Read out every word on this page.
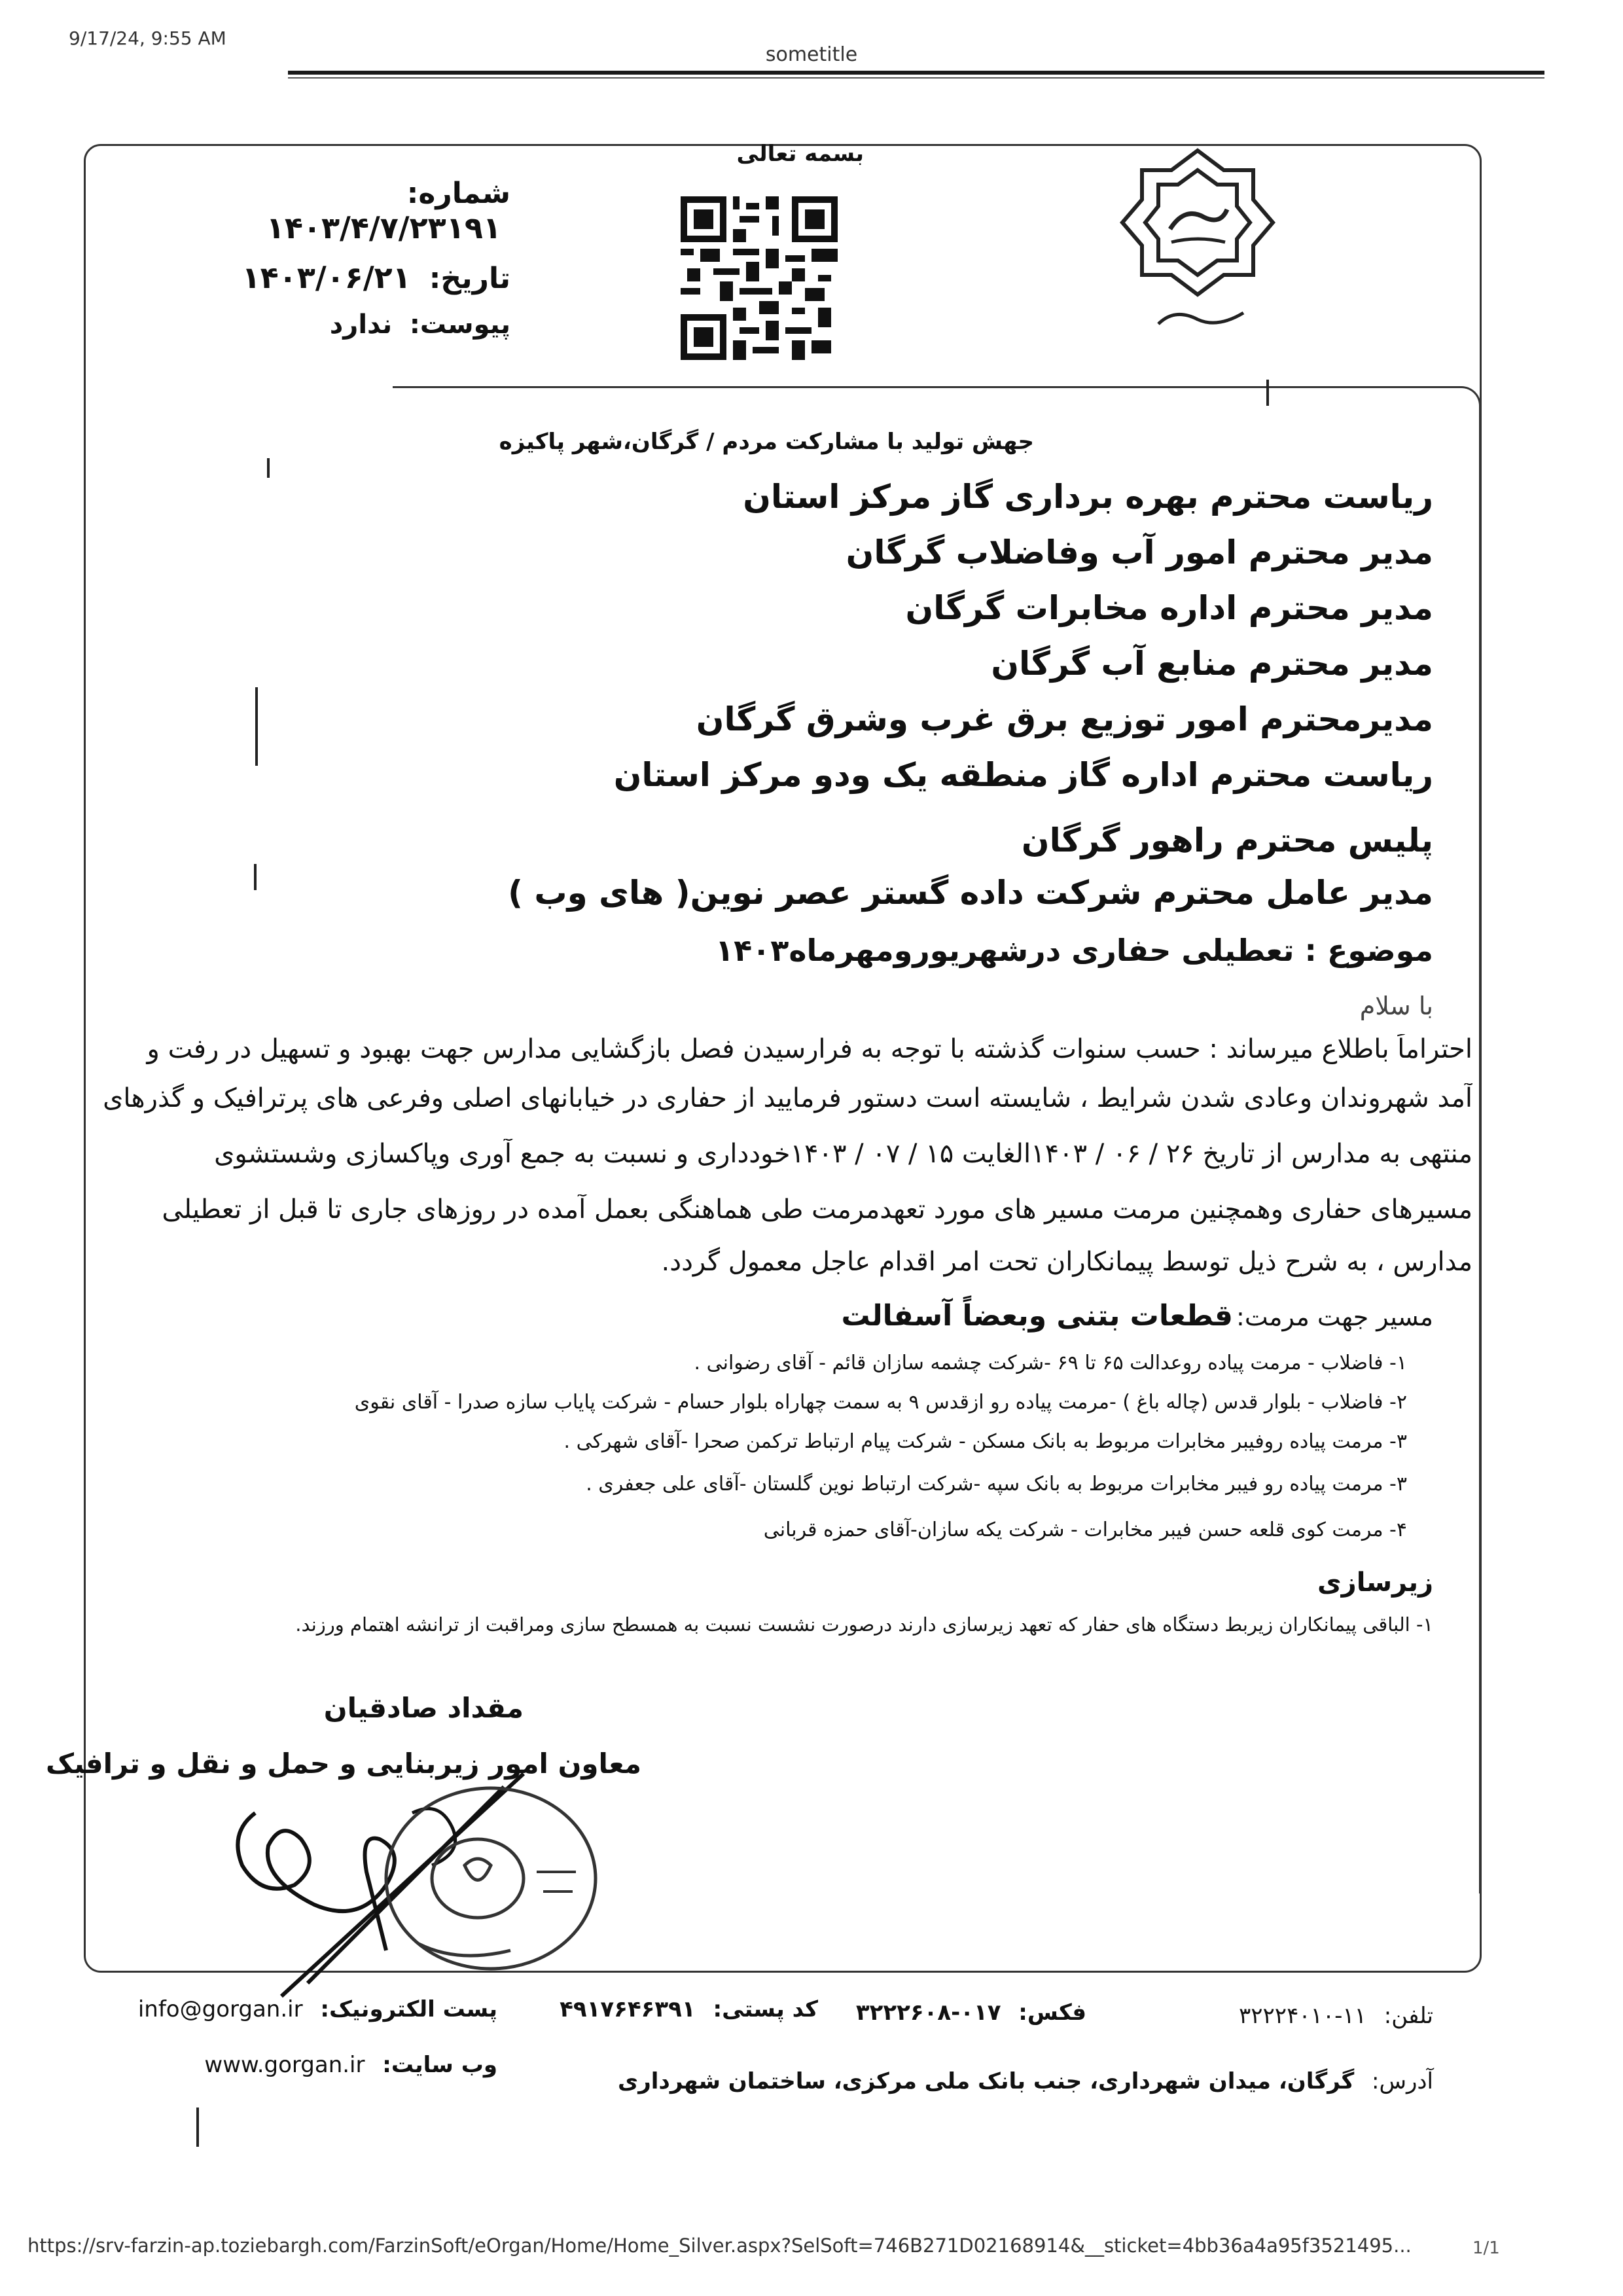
9/17/24, 9:55 AM
sometitle
https://srv-farzin-ap.toziebargh.com/FarzinSoft/eOrgan/Home/Home_Silver.aspx?SelSoft=746B271D02168914&__sticket=4bb36a4a95f3521495...	1/1
بسمه تعالی
شماره: ۱۴۰۳/۴/۷/۲۳۱۹۱
تاریخ: ۱۴۰۳/۰۶/۲۱
پیوست: ندارد
جهش تولید با مشارکت مردم / گرگان،شهر پاکیزه
ریاست محترم بهره برداری گاز مرکز استان
مدیر محترم امور آب وفاضلاب گرگان
مدیر محترم اداره مخابرات گرگان
مدیر محترم منابع آب گرگان
مدیرمحترم امور توزیع برق غرب وشرق گرگان
ریاست محترم اداره گاز منطقه یک ودو مرکز استان
پلیس محترم راهور گرگان
مدیر عامل محترم شرکت داده گستر عصر نوین( های وب )
موضوع : تعطیلی حفاری درشهریورومهرماه۱۴۰۳
با سلام
احتراماً باطلاع میرساند : حسب سنوات گذشته با توجه به فرارسیدن فصل بازگشایی مدارس جهت بهبود و تسهیل در رفت و
آمد شهروندان وعادی شدن شرایط ، شایسته است دستور فرمایید از حفاری در خیابانهای اصلی وفرعی های پرترافیک و گذرهای
منتهی به مدارس از تاریخ ۲۶ / ۰۶ / ۱۴۰۳الغایت ۱۵ / ۰۷ / ۱۴۰۳خودداری و نسبت به جمع آوری وپاکسازی وشستشوی
مسیرهای حفاری وهمچنین مرمت مسیر های مورد تعهدمرمت طی هماهنگی بعمل آمده در روزهای جاری تا قبل از تعطیلی
مدارس ، به شرح ذیل توسط پیمانکاران تحت امر اقدام عاجل معمول گردد.
مسیر جهت مرمت: قطعات بتنی وبعضاً آسفالت
۱- فاضلاب - مرمت پیاده روعدالت ۶۵ تا ۶۹ -شرکت چشمه سازان قائم - آقای رضوانی .
۲- فاضلاب - بلوار قدس (چاله باغ ) -مرمت پیاده رو ازقدس ۹ به سمت چهاراه بلوار حسام - شرکت پایاب سازه صدرا - آقای نقوی
۳- مرمت پیاده روفیبر مخابرات مربوط به بانک مسکن - شرکت پیام ارتباط ترکمن صحرا -آقای شهرکی .
۳- مرمت پیاده رو فیبر مخابرات مربوط به بانک سپه -شرکت ارتباط نوین گلستان -آقای علی جعفری .
۴- مرمت کوی قلعه حسن فیبر مخابرات - شرکت یکه سازان-آقای حمزه قربانی
زیرسازی
۱- الباقی پیمانکاران زیربط دستگاه های حفار که تعهد زیرسازی دارند درصورت نشست نسبت به همسطح سازی ومراقبت از ترانشه اهتمام ورزند.
مقداد صادقیان
معاون امور زیربنایی و حمل و نقل و ترافیک
پست الکترونیک: info@gorgan.ir	کد پستی: ۴۹۱۷۶۴۶۳۹۱	فکس: ۰۱۷-۳۲۲۲۶۰۸	تلفن: ۱۱-۳۲۲۲۴۰۱۰
وب سایت: www.gorgan.ir
آدرس: گرگان، میدان شهرداری، جنب بانک ملی مرکزی، ساختمان شهرداری
